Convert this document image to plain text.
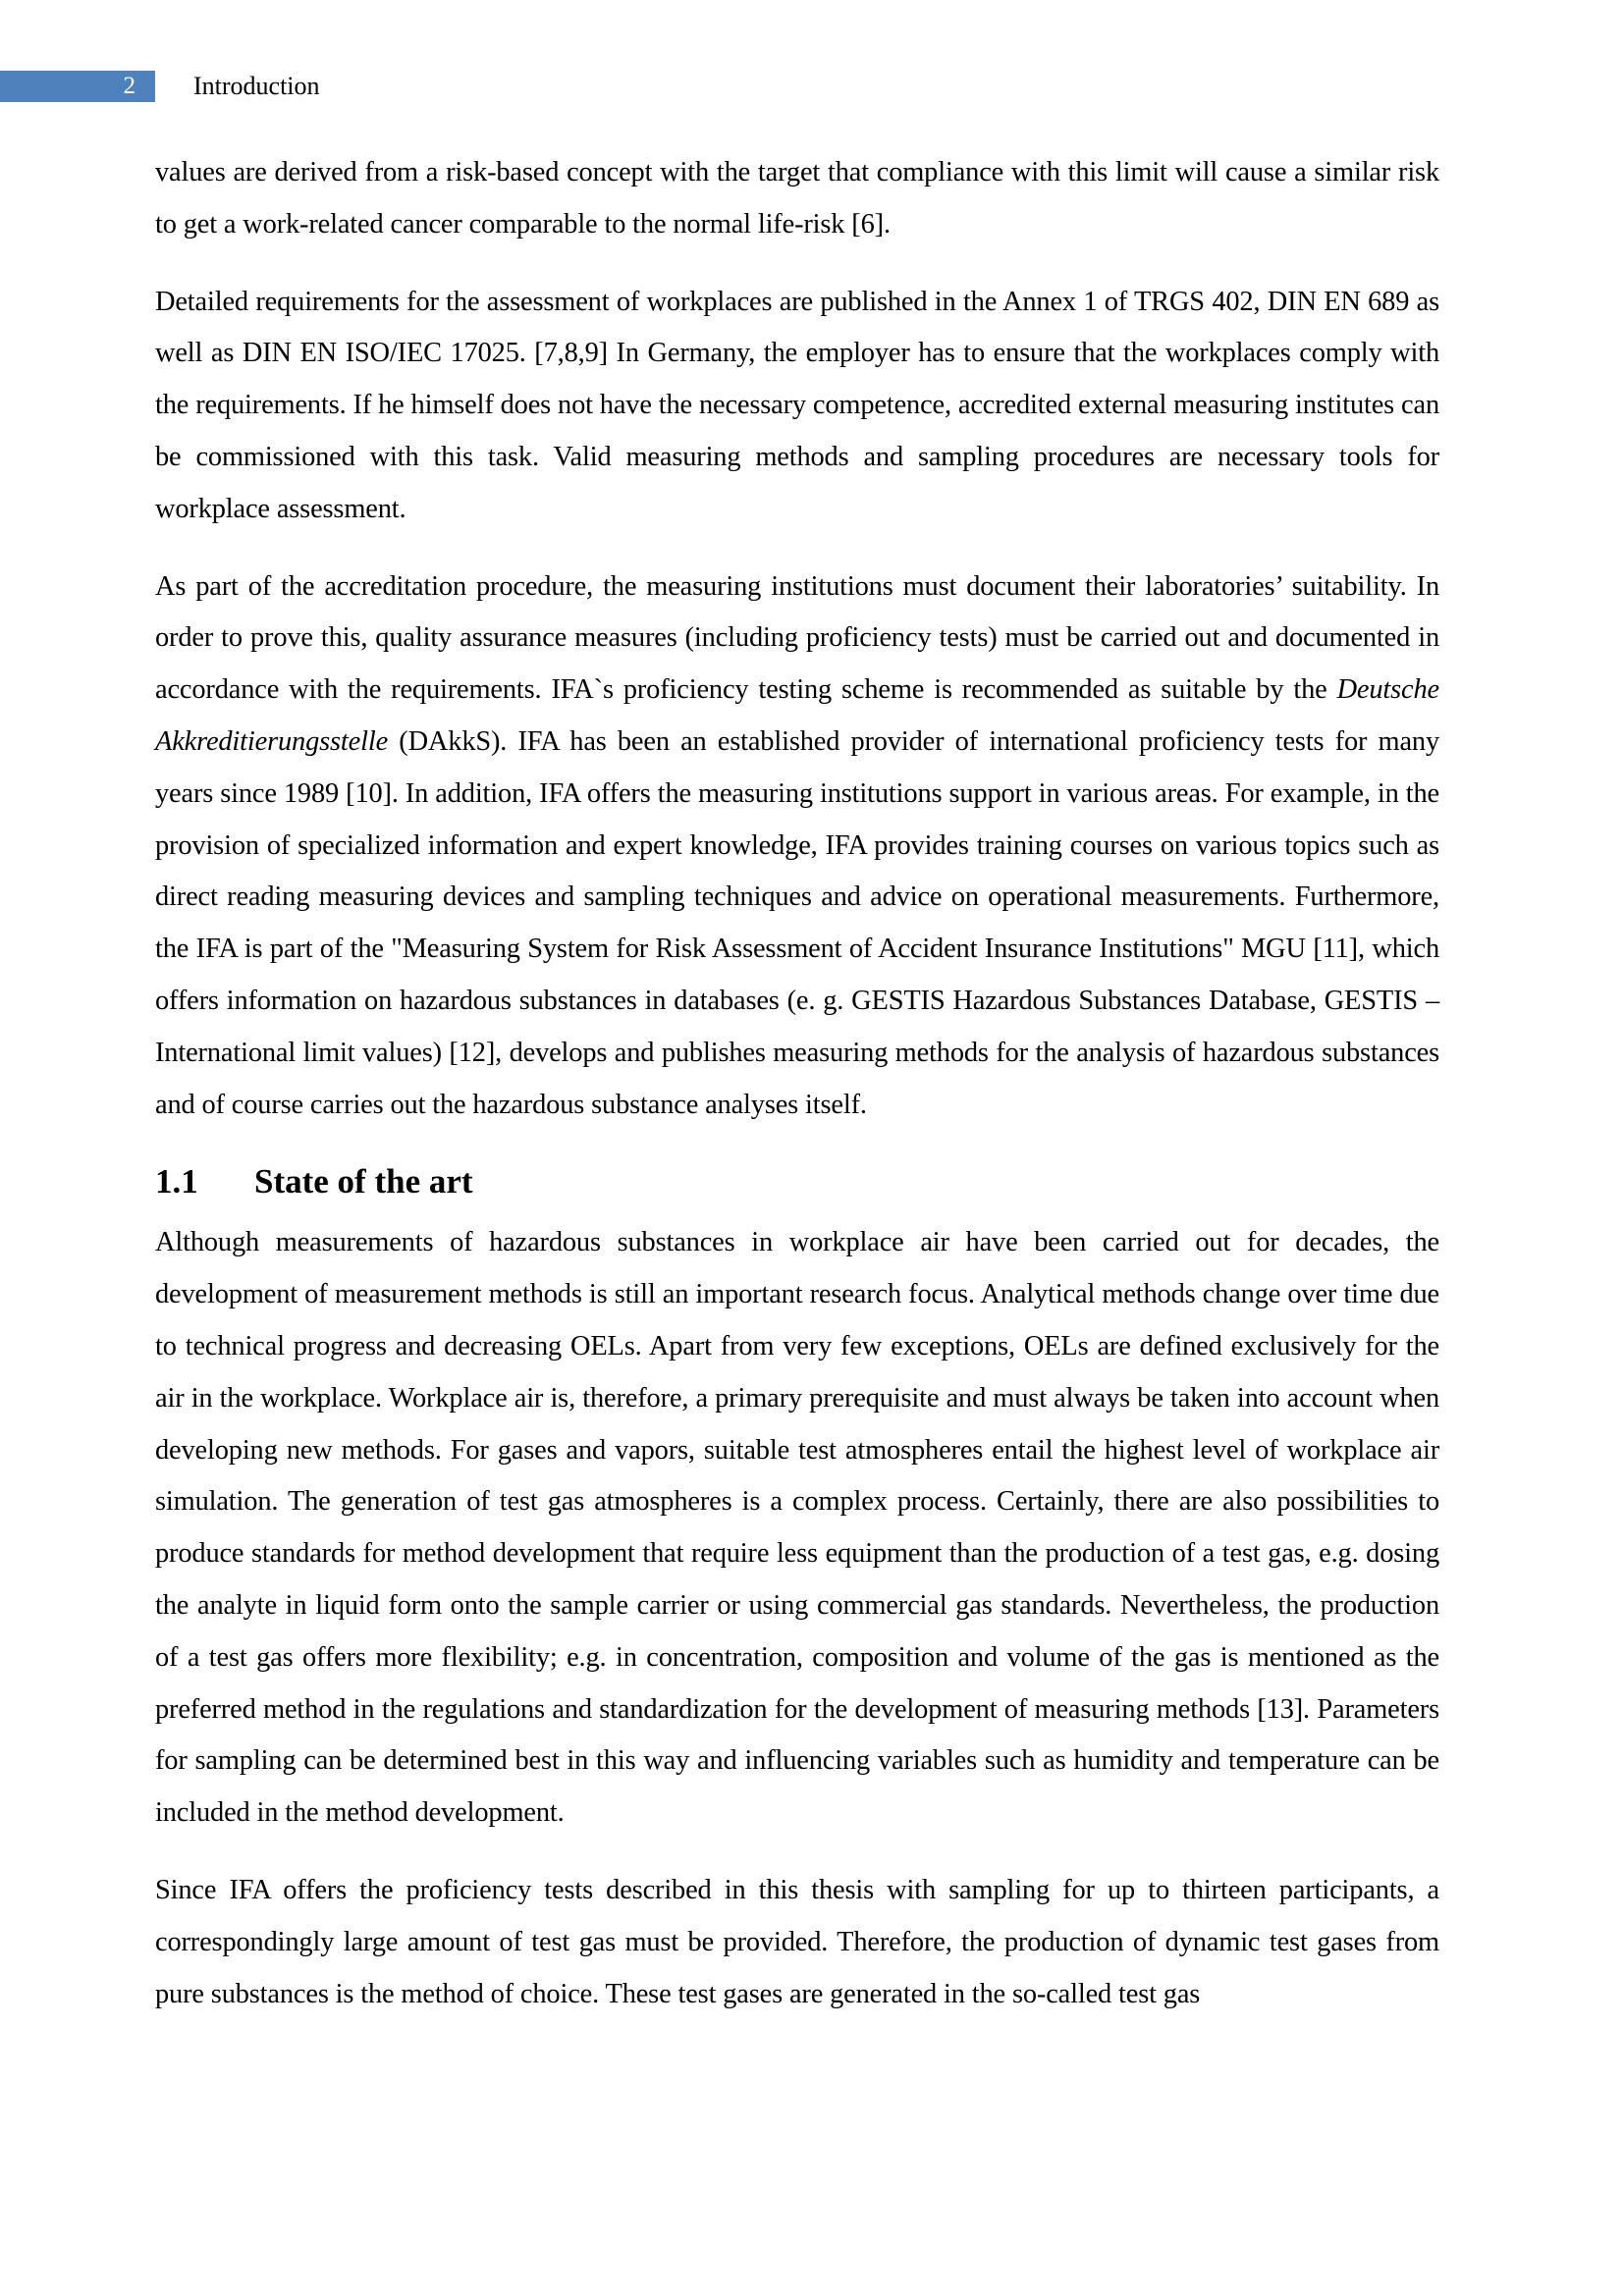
2	Introduction

values are derived from a risk-based concept with the target that compliance with this limit will cause a similar risk to get a work-related cancer comparable to the normal life-risk [6].

Detailed requirements for the assessment of workplaces are published in the Annex 1 of TRGS 402, DIN EN 689 as well as DIN EN ISO/IEC 17025. [7,8,9] In Germany, the employer has to ensure that the workplaces comply with the requirements. If he himself does not have the necessary competence, accredited external measuring institutes can be commissioned with this task. Valid measuring methods and sampling procedures are necessary tools for workplace assessment.

As part of the accreditation procedure, the measuring institutions must document their laboratories’ suitability. In order to prove this, quality assurance measures (including proficiency tests) must be carried out and documented in accordance with the requirements. IFA`s proficiency testing scheme is recommended as suitable by the Deutsche Akkreditierungsstelle (DAkkS). IFA has been an established provider of international proficiency tests for many years since 1989 [10]. In addition, IFA offers the measuring institutions support in various areas. For example, in the provision of specialized information and expert knowledge, IFA provides training courses on various topics such as direct reading measuring devices and sampling techniques and advice on operational measurements. Furthermore, the IFA is part of the "Measuring System for Risk Assessment of Accident Insurance Institutions" MGU [11], which offers information on hazardous substances in databases (e. g. GESTIS Hazardous Substances Database, GESTIS – International limit values) [12], develops and publishes measuring methods for the analysis of hazardous substances and of course carries out the hazardous substance analyses itself.

1.1	State of the art

Although measurements of hazardous substances in workplace air have been carried out for decades, the development of measurement methods is still an important research focus. Analytical methods change over time due to technical progress and decreasing OELs. Apart from very few exceptions, OELs are defined exclusively for the air in the workplace. Workplace air is, therefore, a primary prerequisite and must always be taken into account when developing new methods. For gases and vapors, suitable test atmospheres entail the highest level of workplace air simulation. The generation of test gas atmospheres is a complex process. Certainly, there are also possibilities to produce standards for method development that require less equipment than the production of a test gas, e.g. dosing the analyte in liquid form onto the sample carrier or using commercial gas standards. Nevertheless, the production of a test gas offers more flexibility; e.g. in concentration, composition and volume of the gas is mentioned as the preferred method in the regulations and standardization for the development of measuring methods [13]. Parameters for sampling can be determined best in this way and influencing variables such as humidity and temperature can be included in the method development.

Since IFA offers the proficiency tests described in this thesis with sampling for up to thirteen participants, a correspondingly large amount of test gas must be provided. Therefore, the production of dynamic test gases from pure substances is the method of choice. These test gases are generated in the so-called test gas
